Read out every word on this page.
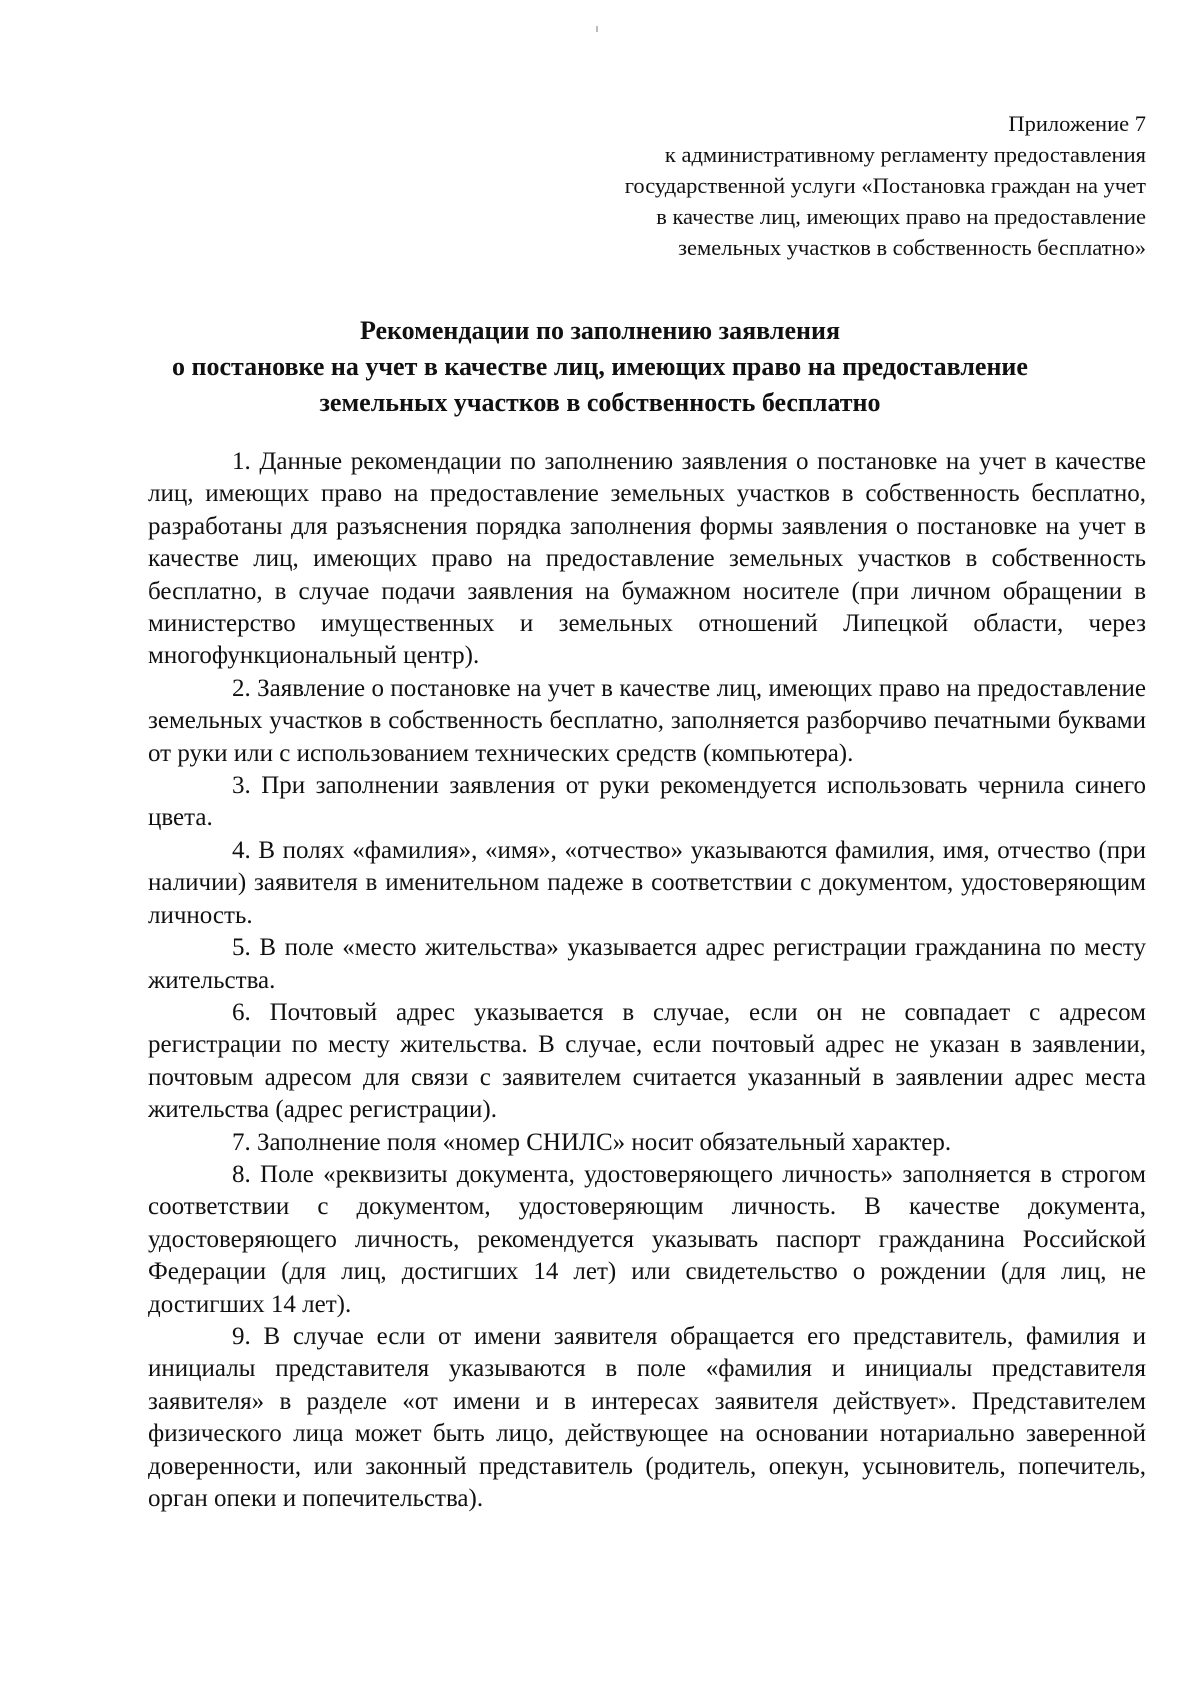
Приложение 7
к административному регламенту предоставления
государственной услуги «Постановка граждан на учет
в качестве лиц, имеющих право на предоставление
земельных участков в собственность бесплатно»
Рекомендации по заполнению заявления
о постановке на учет в качестве лиц, имеющих право на предоставление
земельных участков в собственность бесплатно

1. Данные рекомендации по заполнению заявления о постановке на учет в качестве лиц, имеющих право на предоставление земельных участков в собственность бесплатно, разработаны для разъяснения порядка заполнения формы заявления о постановке на учет в качестве лиц, имеющих право на предоставление земельных участков в собственность бесплатно, в случае подачи заявления на бумажном носителе (при личном обращении в министерство имущественных и земельных отношений Липецкой области, через многофункциональный центр).

2. Заявление о постановке на учет в качестве лиц, имеющих право на предоставление земельных участков в собственность бесплатно, заполняется разборчиво печатными буквами от руки или с использованием технических средств (компьютера).

3. При заполнении заявления от руки рекомендуется использовать чернила синего цвета.

4. В полях «фамилия», «имя», «отчество» указываются фамилия, имя, отчество (при наличии) заявителя в именительном падеже в соответствии с документом, удостоверяющим личность.

5. В поле «место жительства» указывается адрес регистрации гражданина по месту жительства.

6. Почтовый адрес указывается в случае, если он не совпадает с адресом регистрации по месту жительства. В случае, если почтовый адрес не указан в заявлении, почтовым адресом для связи с заявителем считается указанный в заявлении адрес места жительства (адрес регистрации).

7. Заполнение поля «номер СНИЛС» носит обязательный характер.

8. Поле «реквизиты документа, удостоверяющего личность» заполняется в строгом соответствии с документом, удостоверяющим личность. В качестве документа, удостоверяющего личность, рекомендуется указывать паспорт гражданина Российской Федерации (для лиц, достигших 14 лет) или свидетельство о рождении (для лиц, не достигших 14 лет).

9. В случае если от имени заявителя обращается его представитель, фамилия и инициалы представителя указываются в поле «фамилия и инициалы представителя заявителя» в разделе «от имени и в интересах заявителя действует». Представителем физического лица может быть лицо, действующее на основании нотариально заверенной доверенности, или законный представитель (родитель, опекун, усыновитель, попечитель, орган опеки и попечительства).
